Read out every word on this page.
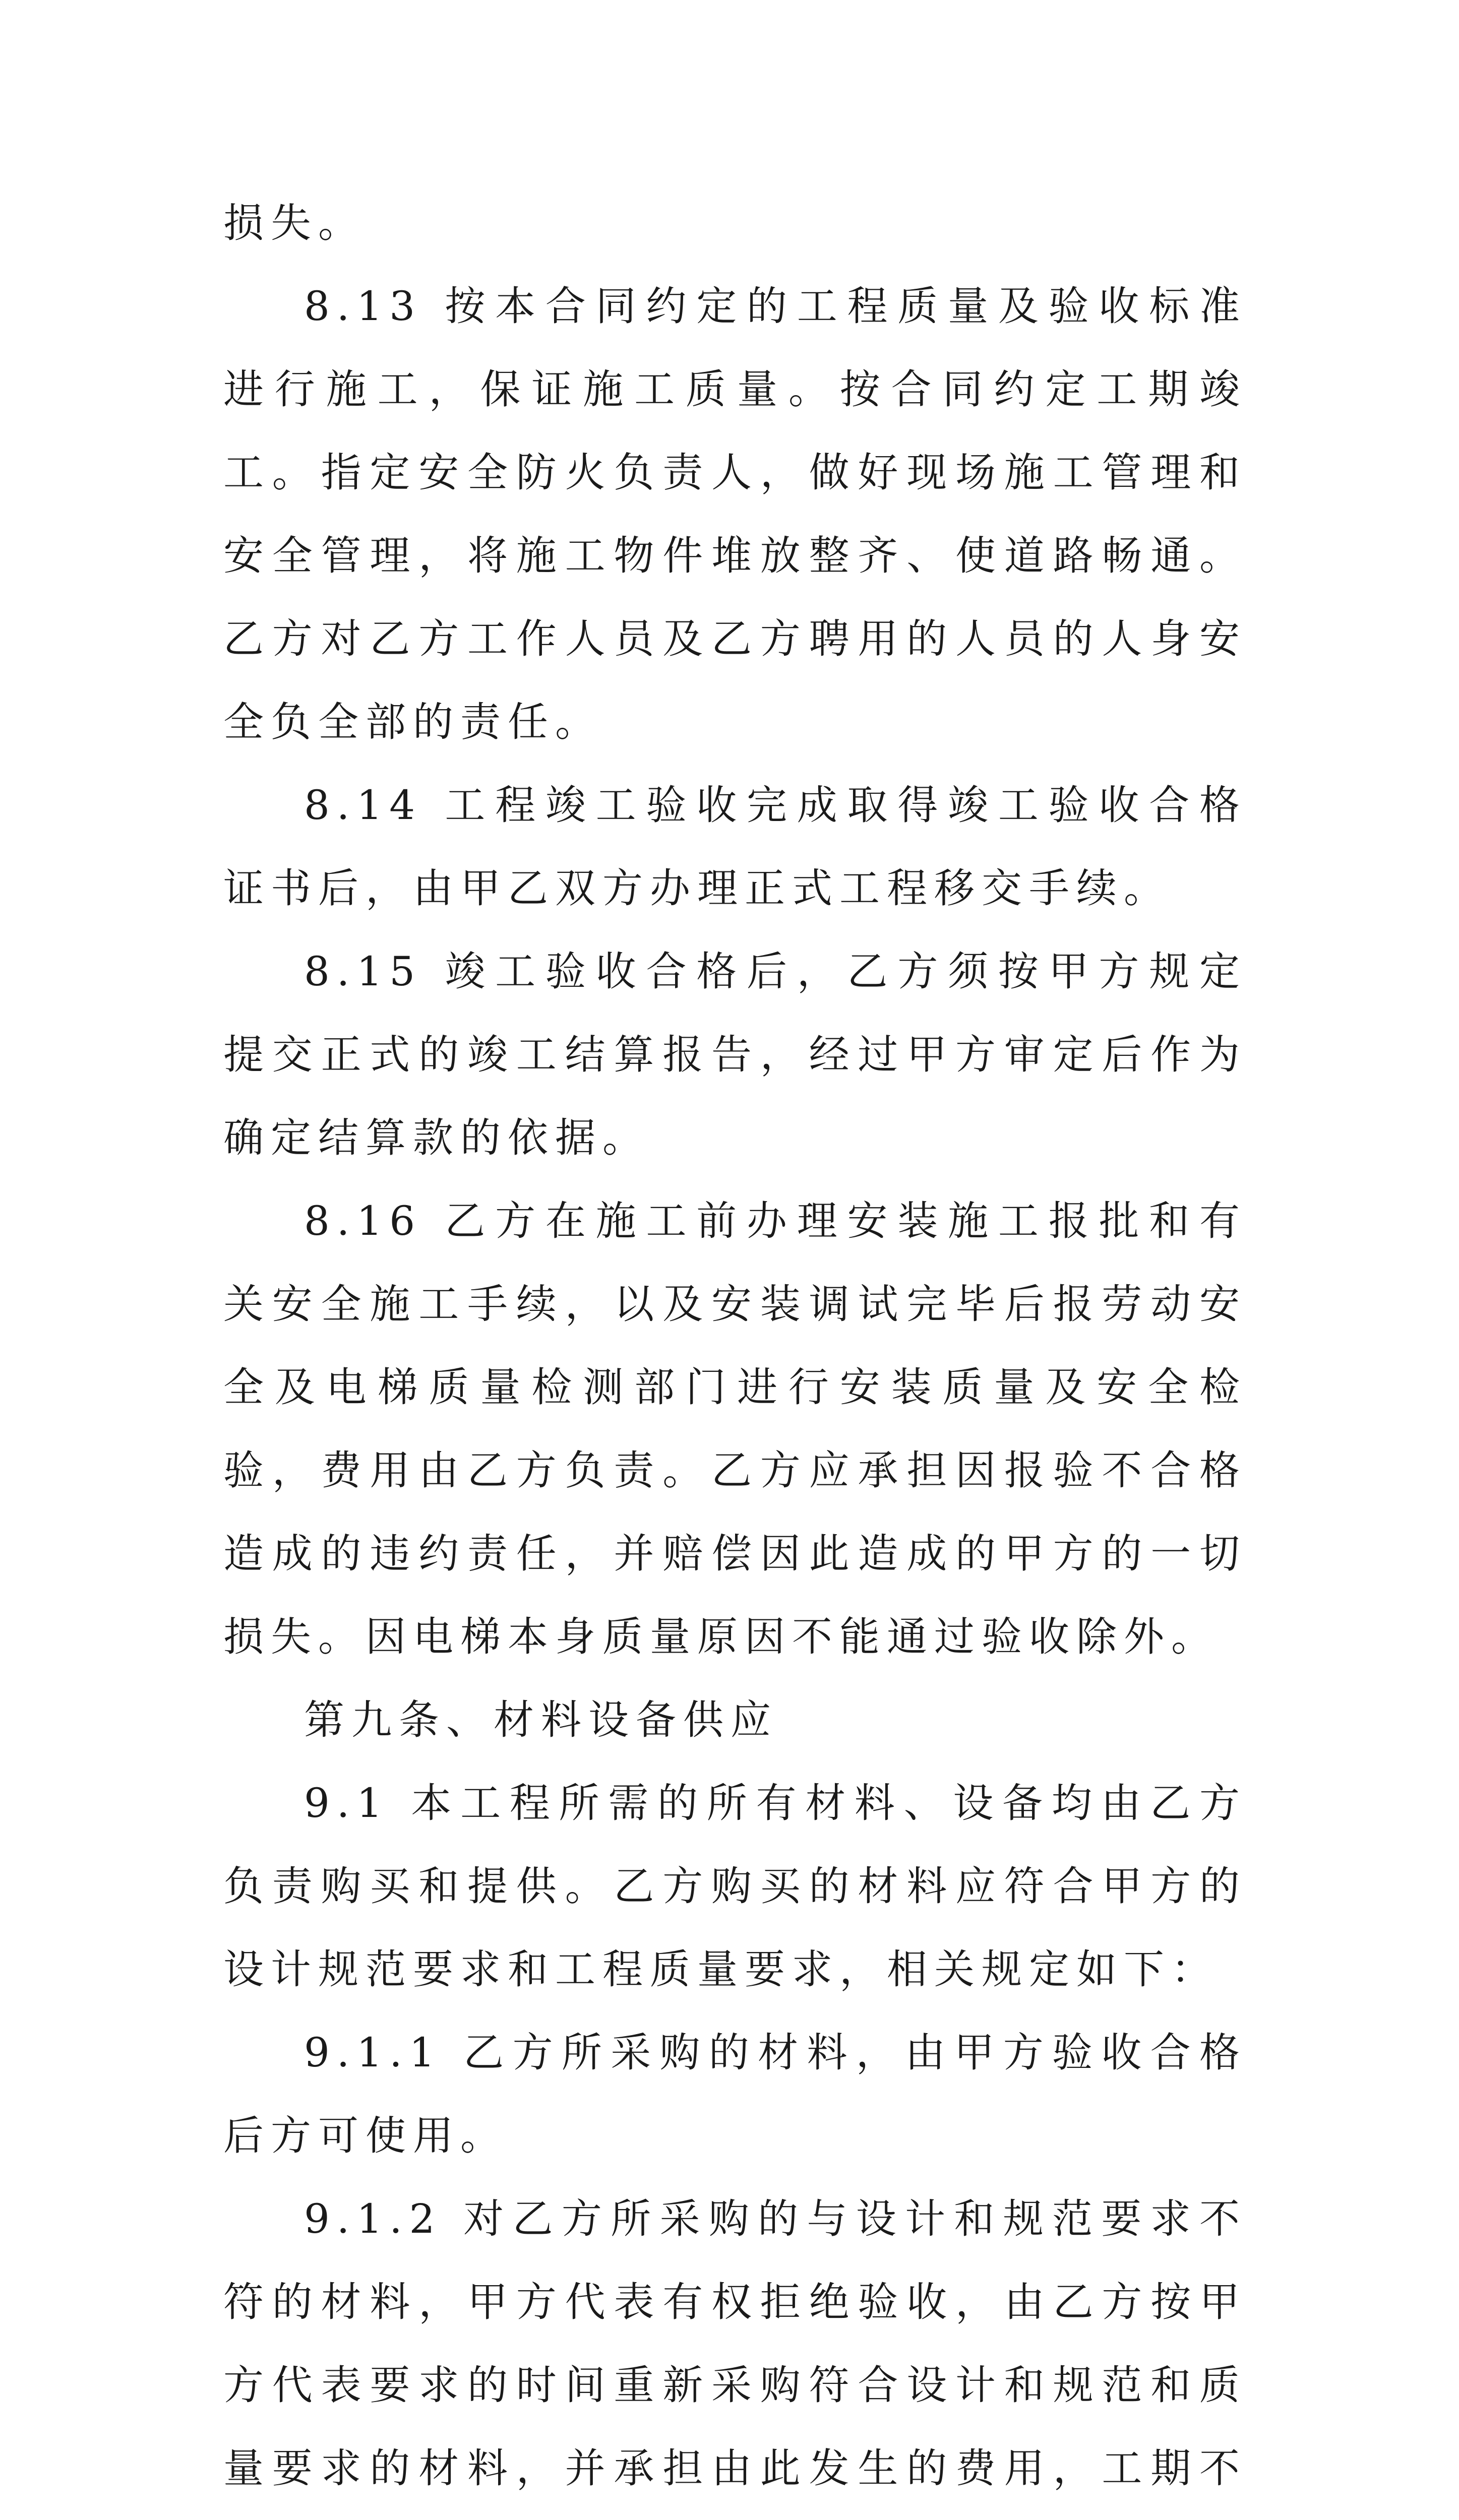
损失。

8.13 按本合同约定的工程质量及验收标准进行施工，保证施工质量。按合同约定工期竣工。指定安全防火负责人，做好现场施工管理和安全管理，将施工物件堆放整齐、使道路畅通。乙方对乙方工作人员及乙方聘用的人员的人身安全负全部的责任。

8.14 工程竣工验收完成取得竣工验收合格证书后，由甲乙双方办理正式工程移交手续。

8.15 竣工验收合格后，乙方须按甲方规定提交正式的竣工结算报告，经过甲方审定后作为确定结算款的依据。

8.16 乙方在施工前办理安装施工报批和有关安全施工手续，以及安装调试完毕后报劳动安全及电梯质量检测部门进行安装质量及安全检验，费用由乙方负责。乙方应承担因报验不合格造成的违约责任，并赔偿因此造成的甲方的一切损失。因电梯本身质量原因不能通过验收除外。

第九条、材料设备供应

9.1 本工程所需的所有材料、设备均由乙方负责购买和提供。乙方购买的材料应符合甲方的设计规范要求和工程质量要求，相关规定如下：

9.1.1 乙方所采购的材料，由甲方验收合格后方可使用。

9.1.2 对乙方所采购的与设计和规范要求不符的材料，甲方代表有权拒绝验收，由乙方按甲方代表要求的时间重新采购符合设计和规范和质量要求的材料，并承担由此发生的费用，工期不
